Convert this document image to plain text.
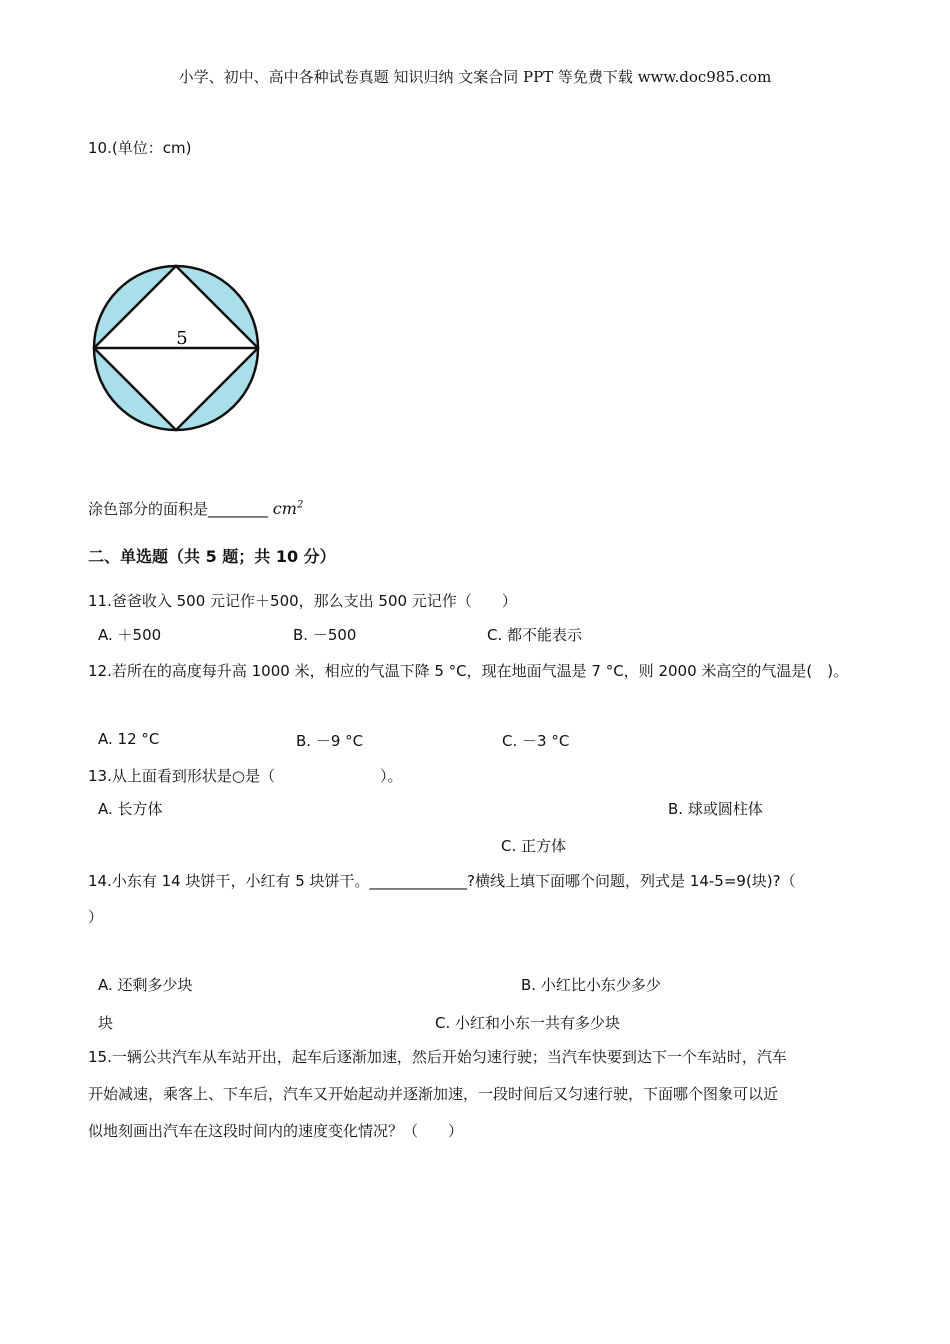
小学、初中、高中各种试卷真题 知识归纳 文案合同 PPT 等免费下载 www.doc985.com
10.(单位：cm)
5
涂色部分的面积是________ $cm^2$
二、单选题（共 5 题；共 10 分）
11.爸爸收入 500 元记作＋500，那么支出 500 元记作（　　）
A. ＋500	B. －500	C. 都不能表示
12.若所在的高度每升高 1000 米，相应的气温下降 5 °C，现在地面气温是 7 °C，则 2000 米高空的气温是(　)。
A. 12 °C	B. －9 °C	C. －3 °C
13.从上面看到形状是○是（　　　　　　　）。
A. 长方体	B. 球或圆柱体
C. 正方体
14.小东有 14 块饼干，小红有 5 块饼干。_____________?横线上填下面哪个问题，列式是 14-5=9(块)?（
）
A. 还剩多少块	B. 小红比小东少多少
块	C. 小红和小东一共有多少块
15.一辆公共汽车从车站开出，起车后逐渐加速，然后开始匀速行驶；当汽车快要到达下一个车站时，汽车
开始减速，乘客上、下车后，汽车又开始起动并逐渐加速，一段时间后又匀速行驶，下面哪个图象可以近
似地刻画出汽车在这段时间内的速度变化情况？（　　）
